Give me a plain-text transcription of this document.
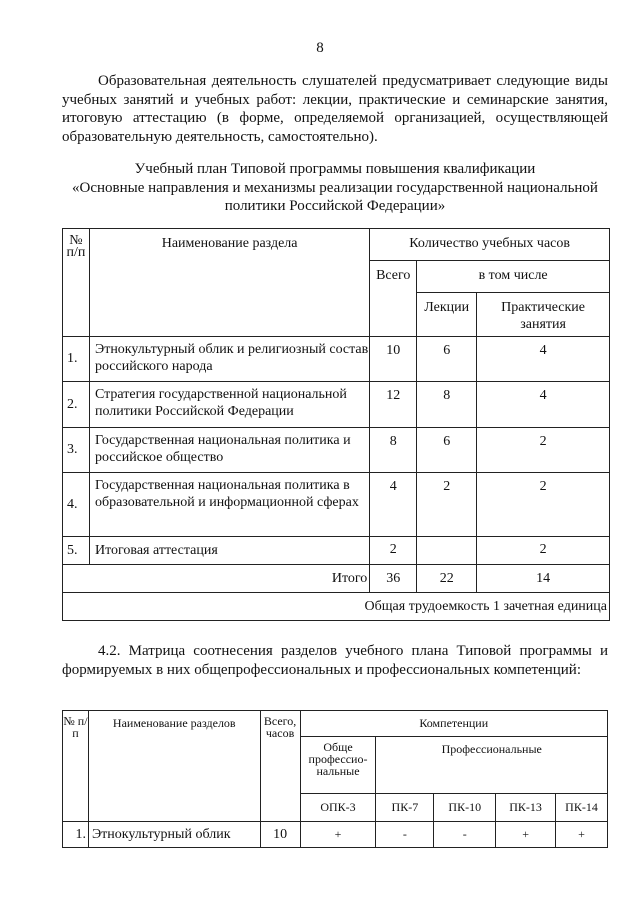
8

Образовательная деятельность слушателей предусматривает следующие виды учебных занятий и учебных работ: лекции, практические и семинарские занятия, итоговую аттестацию (в форме, определяемой организацией, осуществляющей образовательную деятельность, самостоятельно).

Учебный план Типовой программы повышения квалификации
«Основные направления и механизмы реализации государственной национальной
политики Российской Федерации»
№ п/п	Наименование раздела	Количество учебных часов		
		Всего	в том числе	
			Лекции	Практические занятия
1.	Этнокультурный облик и религиозный состав российского народа	10	6	4
2.	Стратегия государственной национальной политики Российской Федерации	12	8	4
3.	Государственная национальная политика и российское общество	8	6	2
4.	Государственная национальная политика в образовательной и информационной сферах	4	2	2
5.	Итоговая аттестация	2		2
Итого		36	22	14
Общая трудоемкость 1 зачетная единица				

4.2. Матрица соотнесения разделов учебного плана Типовой программы и формируемых в них общепрофессиональных и профессиональных компетенций:

№ п/п	Наименование разделов	Всего, часов	Компетенции				
			Обще профессио- нальные	Профессиональные			
			ОПК-3	ПК-7	ПК-10	ПК-13	ПК-14
1.	Этнокультурный облик	10	+	-	-	+	+
